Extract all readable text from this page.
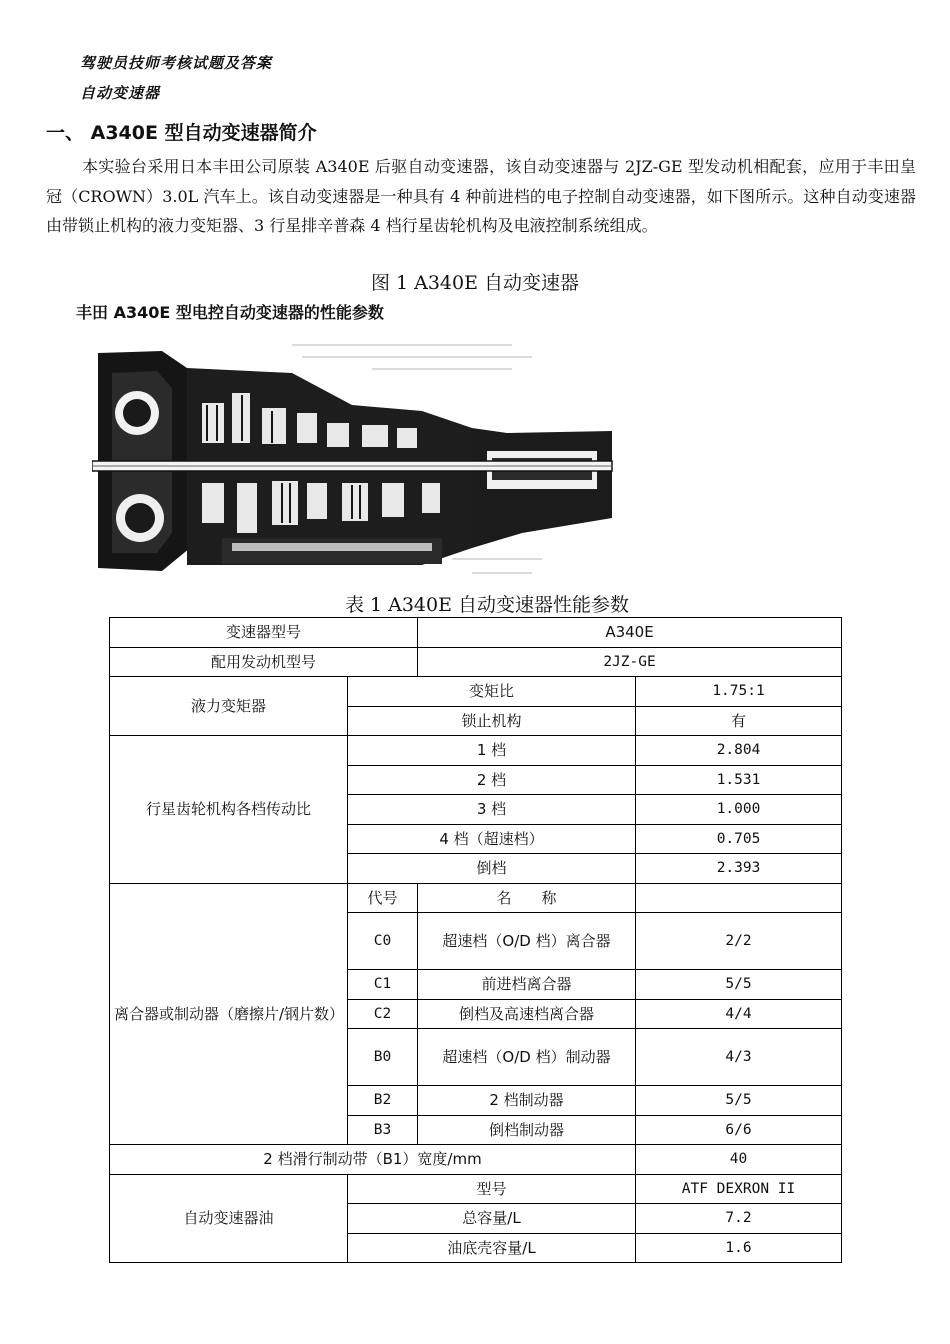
驾驶员技师考核试题及答案
自动变速器
一、 A340E 型自动变速器简介
本实验台采用日本丰田公司原装 A340E 后驱自动变速器，该自动变速器与 2JZ-GE 型发动机相配套，应用于丰田皇冠（CROWN）3.0L 汽车上。该自动变速器是一种具有 4 种前进档的电子控制自动变速器，如下图所示。这种自动变速器由带锁止机构的液力变矩器、3 行星排辛普森 4 档行星齿轮机构及电液控制系统组成。
图 1 A340E 自动变速器
丰田 A340E 型电控自动变速器的性能参数
表 1 A340E 自动变速器性能参数
变速器型号		A340E	
配用发动机型号		2JZ-GE	
液力变矩器	变矩比		1.75:1
	锁止机构		有
行星齿轮机构各档传动比	1 档		2.804
	2 档		1.531
	3 档		1.000
	4 档（超速档）		0.705
	倒档		2.393
离合器或制动器（磨擦片/钢片数）	代号	名　　称	
	C0	超速档（O/D 档）离合器	2/2
	C1	前进档离合器	5/5
	C2	倒档及高速档离合器	4/4
	B0	超速档（O/D 档）制动器	4/3
	B2	2 档制动器	5/5
	B3	倒档制动器	6/6
2 档滑行制动带（B1）宽度/mm			40
自动变速器油	型号		ATF DEXRON II
	总容量/L		7.2
	油底壳容量/L		1.6
